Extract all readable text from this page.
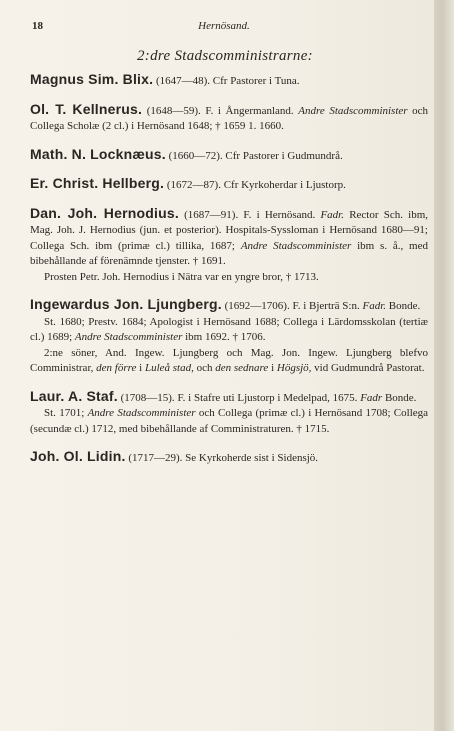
18	Hernösand.
2:dre Stadscomministrarne:

Magnus Sim. Blix. (1647—48). Cfr Pastorer i Tuna.

Ol. T. Kellnerus. (1648—59). F. i Ångermanland. Andre Stadscomminister och Collega Scholæ (2 cl.) i Hernösand 1648; † 1659 1. 1660.

Math. N. Locknæus. (1660—72). Cfr Pastorer i Gudmundrå.

Er. Christ. Hellberg. (1672—87). Cfr Kyrkoherdar i Ljustorp.

Dan. Joh. Hernodius. (1687—91). F. i Hernösand. Fadr. Rector Sch. ibm, Mag. Joh. J. Hernodius (jun. et posterior). Hospitals-Syssloman i Hernösand 1680—91; Collega Sch. ibm (primæ cl.) tillika, 1687; Andre Stadscomminister ibm s. å., med bibehållande af förenämnde tjenster. † 1691.

Prosten Petr. Joh. Hernodius i Nätra var en yngre bror, † 1713.

Ingewardus Jon. Ljungberg. (1692—1706). F. i Bjerträ S:n. Fadr. Bonde.

St. 1680; Prestv. 1684; Apologist i Hernösand 1688; Collega i Lärdomsskolan (tertiæ cl.) 1689; Andre Stadscomminister ibm 1692. † 1706.

2:ne söner, And. Ingew. Ljungberg och Mag. Jon. Ingew. Ljungberg blefvo Comministrar, den förre i Luleå stad, och den sednare i Högsjö, vid Gudmundrå Pastorat.

Laur. A. Staf. (1708—15). F. i Stafre uti Ljustorp i Medelpad, 1675. Fadr Bonde.

St. 1701; Andre Stadscomminister och Collega (primæ cl.) i Hernösand 1708; Collega (secundæ cl.) 1712, med bibehållande af Comministraturen. † 1715.

Joh. Ol. Lidin. (1717—29). Se Kyrkoherde sist i Sidensjö.
